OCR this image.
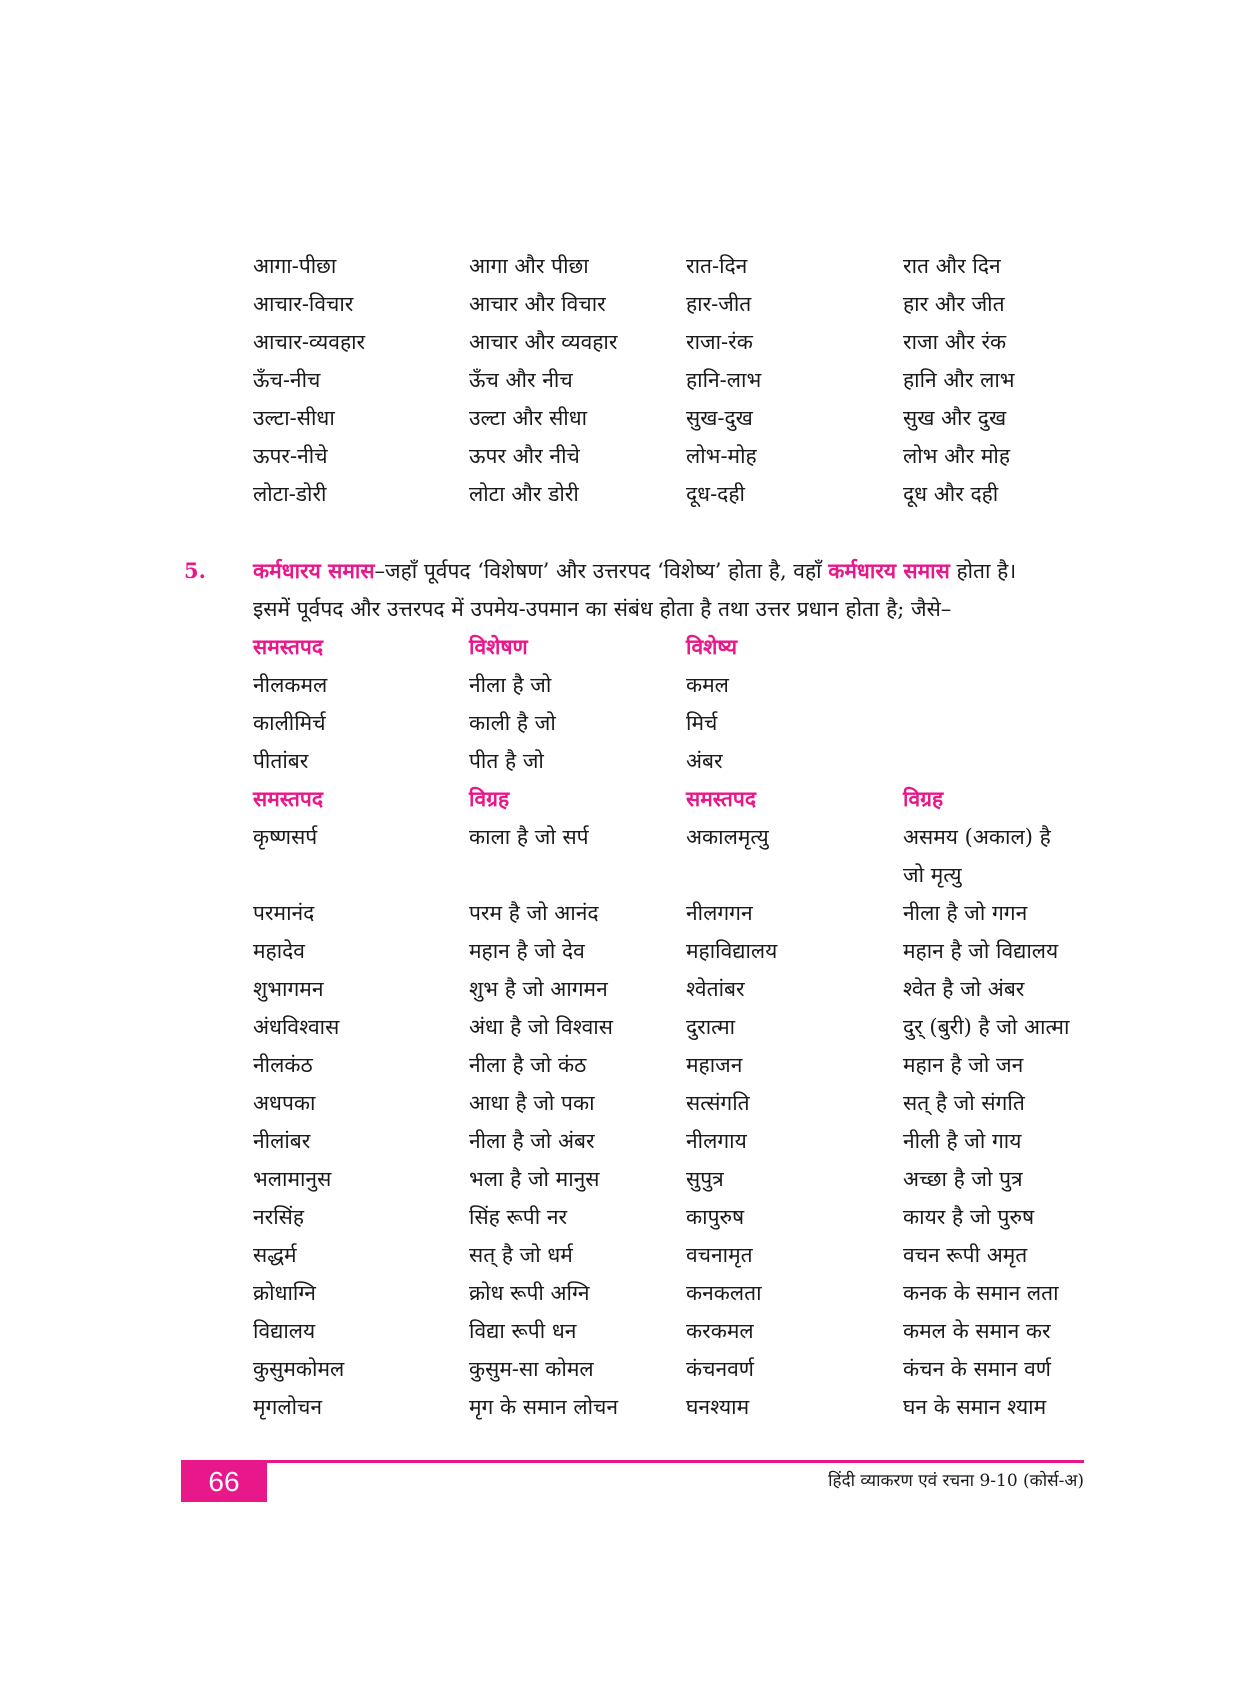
आगा-पीछा	आगा और पीछा	रात-दिन	रात और दिन
आचार-विचार	आचार और विचार	हार-जीत	हार और जीत
आचार-व्यवहार	आचार और व्यवहार	राजा-रंक	राजा और रंक
ऊँच-नीच	ऊँच और नीच	हानि-लाभ	हानि और लाभ
उल्टा-सीधा	उल्टा और सीधा	सुख-दुख	सुख और दुख
ऊपर-नीचे	ऊपर और नीचे	लोभ-मोह	लोभ और मोह
लोटा-डोरी	लोटा और डोरी	दूध-दही	दूध और दही
5. कर्मधारय समास–जहाँ पूर्वपद ‘विशेषण’ और उत्तरपद ‘विशेष्य’ होता है, वहाँ कर्मधारय समास होता है।
इसमें पूर्वपद और उत्तरपद में उपमेय-उपमान का संबंध होता है तथा उत्तर प्रधान होता है; जैसे–
समस्तपद	विशेषण	विशेष्य
नीलकमल	नीला है जो	कमल
कालीमिर्च	काली है जो	मिर्च
पीतांबर	पीत है जो	अंबर
समस्तपद	विग्रह	समस्तपद	विग्रह
कृष्णसर्प	काला है जो सर्प	अकालमृत्यु	असमय (अकाल) है
जो मृत्यु
परमानंद	परम है जो आनंद	नीलगगन	नीला है जो गगन
महादेव	महान है जो देव	महाविद्यालय	महान है जो विद्यालय
शुभागमन	शुभ है जो आगमन	श्वेतांबर	श्वेत है जो अंबर
अंधविश्वास	अंधा है जो विश्वास	दुरात्मा	दुर् (बुरी) है जो आत्मा
नीलकंठ	नीला है जो कंठ	महाजन	महान है जो जन
अधपका	आधा है जो पका	सत्संगति	सत् है जो संगति
नीलांबर	नीला है जो अंबर	नीलगाय	नीली है जो गाय
भलामानुस	भला है जो मानुस	सुपुत्र	अच्छा है जो पुत्र
नरसिंह	सिंह रूपी नर	कापुरुष	कायर है जो पुरुष
सद्धर्म	सत् है जो धर्म	वचनामृत	वचन रूपी अमृत
क्रोधाग्नि	क्रोध रूपी अग्नि	कनकलता	कनक के समान लता
विद्यालय	विद्या रूपी धन	करकमल	कमल के समान कर
कुसुमकोमल	कुसुम-सा कोमल	कंचनवर्ण	कंचन के समान वर्ण
मृगलोचन	मृग के समान लोचन	घनश्याम	घन के समान श्याम
66	हिंदी व्याकरण एवं रचना 9-10 (कोर्स-अ)
